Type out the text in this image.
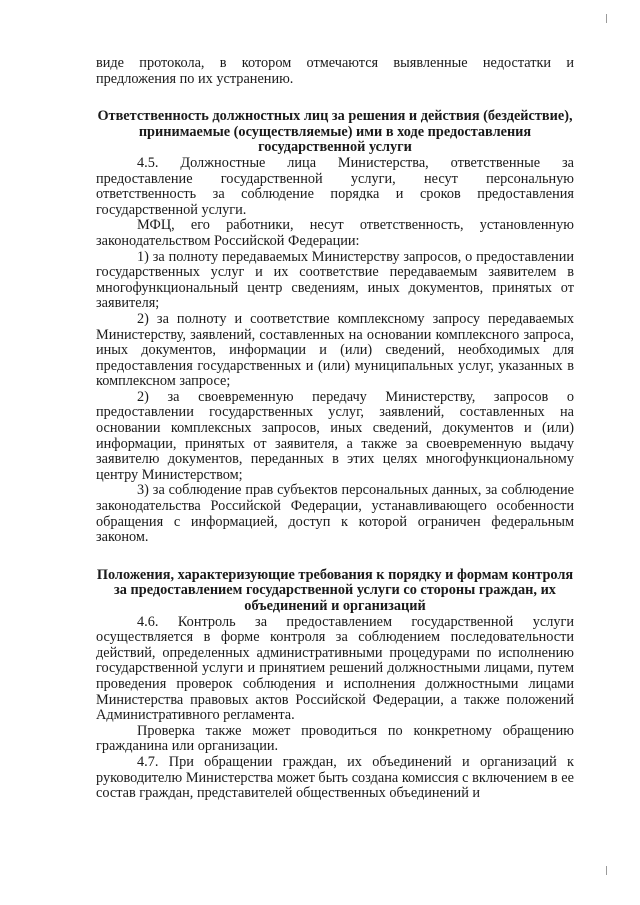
виде протокола, в котором отмечаются выявленные недостатки и предложения по их устранению.

Ответственность должностных лиц за решения и действия (бездействие), принимаемые (осуществляемые) ими в ходе предоставления государственной услуги

4.5. Должностные лица Министерства, ответственные за предоставление государственной услуги, несут персональную ответственность за соблюдение порядка и сроков предоставления государственной услуги.

МФЦ, его работники, несут ответственность, установленную законодательством Российской Федерации:

1) за полноту передаваемых Министерству запросов, о предоставлении государственных услуг и их соответствие передаваемым заявителем в многофункциональный центр сведениям, иных документов, принятых от заявителя;

2) за полноту и соответствие комплексному запросу передаваемых Министерству, заявлений, составленных на основании комплексного запроса, иных документов, информации и (или) сведений, необходимых для предоставления государственных и (или) муниципальных услуг, указанных в комплексном запросе;

2) за своевременную передачу Министерству, запросов о предоставлении государственных услуг, заявлений, составленных на основании комплексных запросов, иных сведений, документов и (или) информации, принятых от заявителя, а также за своевременную выдачу заявителю документов, переданных в этих целях многофункциональному центру Министерством;

3) за соблюдение прав субъектов персональных данных, за соблюдение законодательства Российской Федерации, устанавливающего особенности обращения с информацией, доступ к которой ограничен федеральным законом.

Положения, характеризующие требования к порядку и формам контроля за предоставлением государственной услуги со стороны граждан, их объединений и организаций

4.6. Контроль за предоставлением государственной услуги осуществляется в форме контроля за соблюдением последовательности действий, определенных административными процедурами по исполнению государственной услуги и принятием решений должностными лицами, путем проведения проверок соблюдения и исполнения должностными лицами Министерства правовых актов Российской Федерации, а также положений Административного регламента.

Проверка также может проводиться по конкретному обращению гражданина или организации.

4.7. При обращении граждан, их объединений и организаций к руководителю Министерства может быть создана комиссия с включением в ее состав граждан, представителей общественных объединений и
